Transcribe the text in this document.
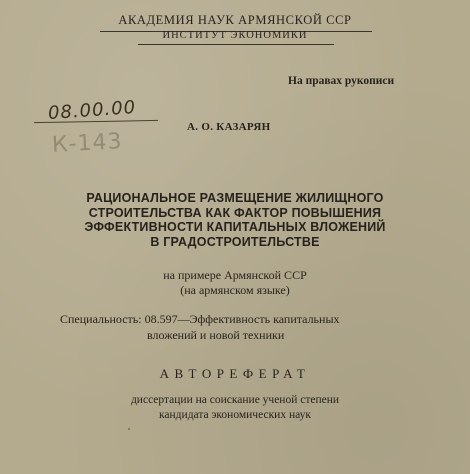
АКАДЕМИЯ НАУК АРМЯНСКОЙ ССР
ИНСТИТУТ ЭКОНОМИКИ
На правах рукописи
08.00.00
К-143
А. О. КАЗАРЯН
РАЦИОНАЛЬНОЕ РАЗМЕЩЕНИЕ ЖИЛИЩНОГО
СТРОИТЕЛЬСТВА КАК ФАКТОР ПОВЫШЕНИЯ
ЭФФЕКТИВНОСТИ КАПИТАЛЬНЫХ ВЛОЖЕНИЙ
В ГРАДОСТРОИТЕЛЬСТВЕ
на примере Армянской ССР
(на армянском языке)
Специальность: 08.597—Эффективность капитальных
вложений и новой техники
АВТОРЕФЕРАТ
диссертации на соискание ученой степени
кандидата экономических наук
